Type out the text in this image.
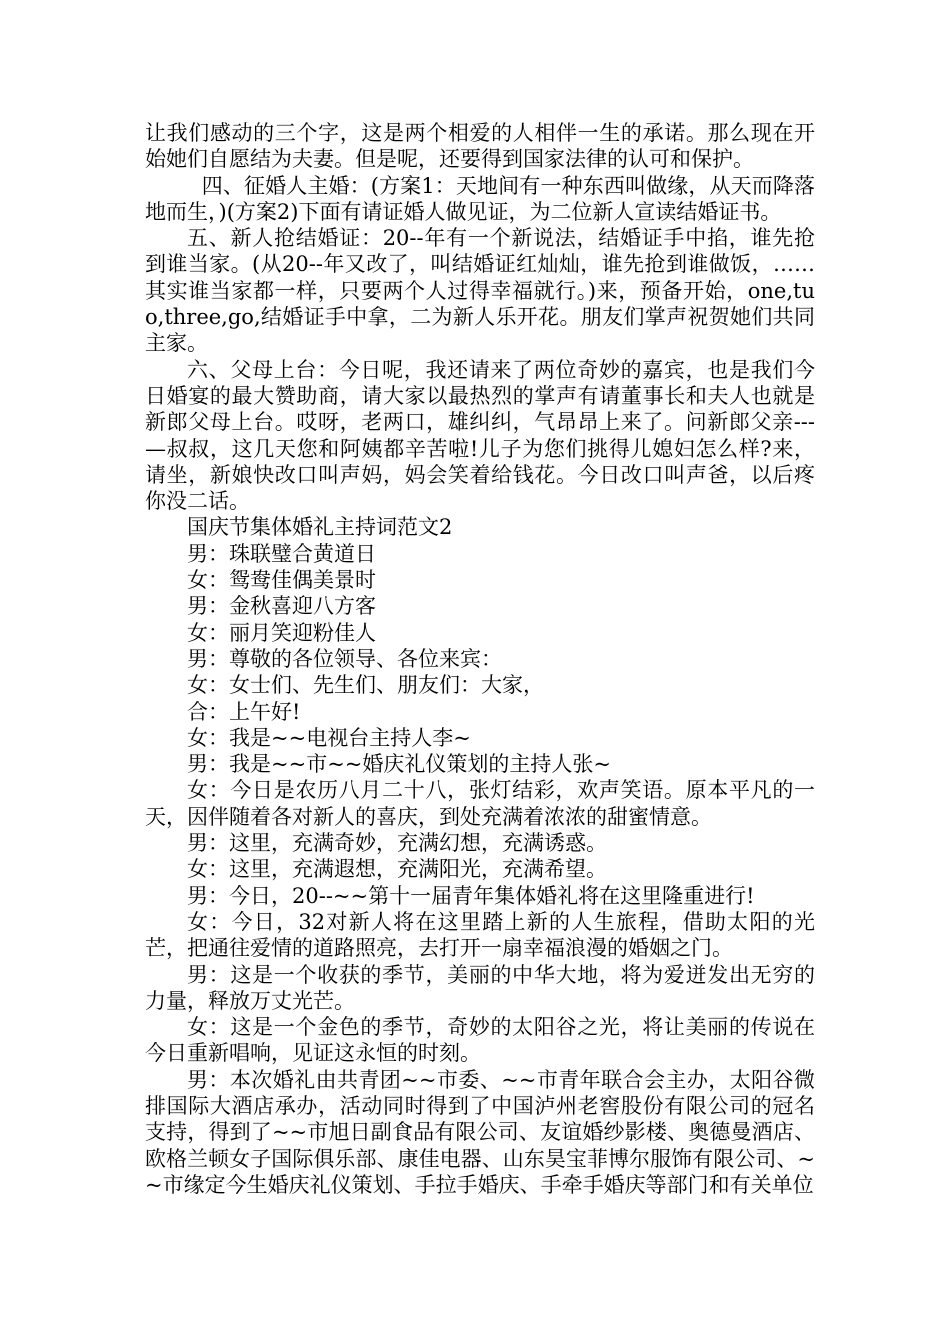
让我们感动的三个字，这是两个相爱的人相伴一生的承诺。那么现在开始她们自愿结为夫妻。但是呢，还要得到国家法律的认可和保护。

四、征婚人主婚：(方案1：天地间有一种东西叫做缘，从天而降落地而生，)(方案2)下面有请证婚人做见证，为二位新人宣读结婚证书。

五、新人抢结婚证：20--年有一个新说法，结婚证手中掐，谁先抢到谁当家。(从20--年又改了，叫结婚证红灿灿，谁先抢到谁做饭，……其实谁当家都一样，只要两个人过得幸福就行。)来，预备开始，one,tuo,three,go,结婚证手中拿，二为新人乐开花。朋友们掌声祝贺她们共同主家。

六、父母上台：今日呢，我还请来了两位奇妙的嘉宾，也是我们今日婚宴的最大赞助商，请大家以最热烈的掌声有请董事长和夫人也就是新郎父母上台。哎呀，老两口，雄纠纠，气昂昂上来了。问新郎父亲---—叔叔，这几天您和阿姨都辛苦啦!儿子为您们挑得儿媳妇怎么样?来，请坐，新娘快改口叫声妈，妈会笑着给钱花。今日改口叫声爸，以后疼你没二话。

国庆节集体婚礼主持词范文2

男：珠联璧合黄道日

女：鸳鸯佳偶美景时

男：金秋喜迎八方客

女：丽月笑迎粉佳人

男：尊敬的各位领导、各位来宾：

女：女士们、先生们、朋友们：大家，

合：上午好!

女：我是~~电视台主持人李~

男：我是~~市~~婚庆礼仪策划的主持人张~

女：今日是农历八月二十八，张灯结彩，欢声笑语。原本平凡的一天，因伴随着各对新人的喜庆，到处充满着浓浓的甜蜜情意。

男：这里，充满奇妙，充满幻想，充满诱惑。

女：这里，充满遐想，充满阳光，充满希望。

男：今日，20--~~第十一届青年集体婚礼将在这里隆重进行!

女：今日，32对新人将在这里踏上新的人生旅程，借助太阳的光芒，把通往爱情的道路照亮，去打开一扇幸福浪漫的婚姻之门。

男：这是一个收获的季节，美丽的中华大地，将为爱迸发出无穷的力量，释放万丈光芒。

女：这是一个金色的季节，奇妙的太阳谷之光，将让美丽的传说在今日重新唱响，见证这永恒的时刻。

男：本次婚礼由共青团~~市委、~~市青年联合会主办，太阳谷微排国际大酒店承办，活动同时得到了中国泸州老窖股份有限公司的冠名支持，得到了~~市旭日副食品有限公司、友谊婚纱影楼、奥德曼酒店、欧格兰顿女子国际俱乐部、康佳电器、山东昊宝菲博尔服饰有限公司、~~市缘定今生婚庆礼仪策划、手拉手婚庆、手牵手婚庆等部门和有关单位
